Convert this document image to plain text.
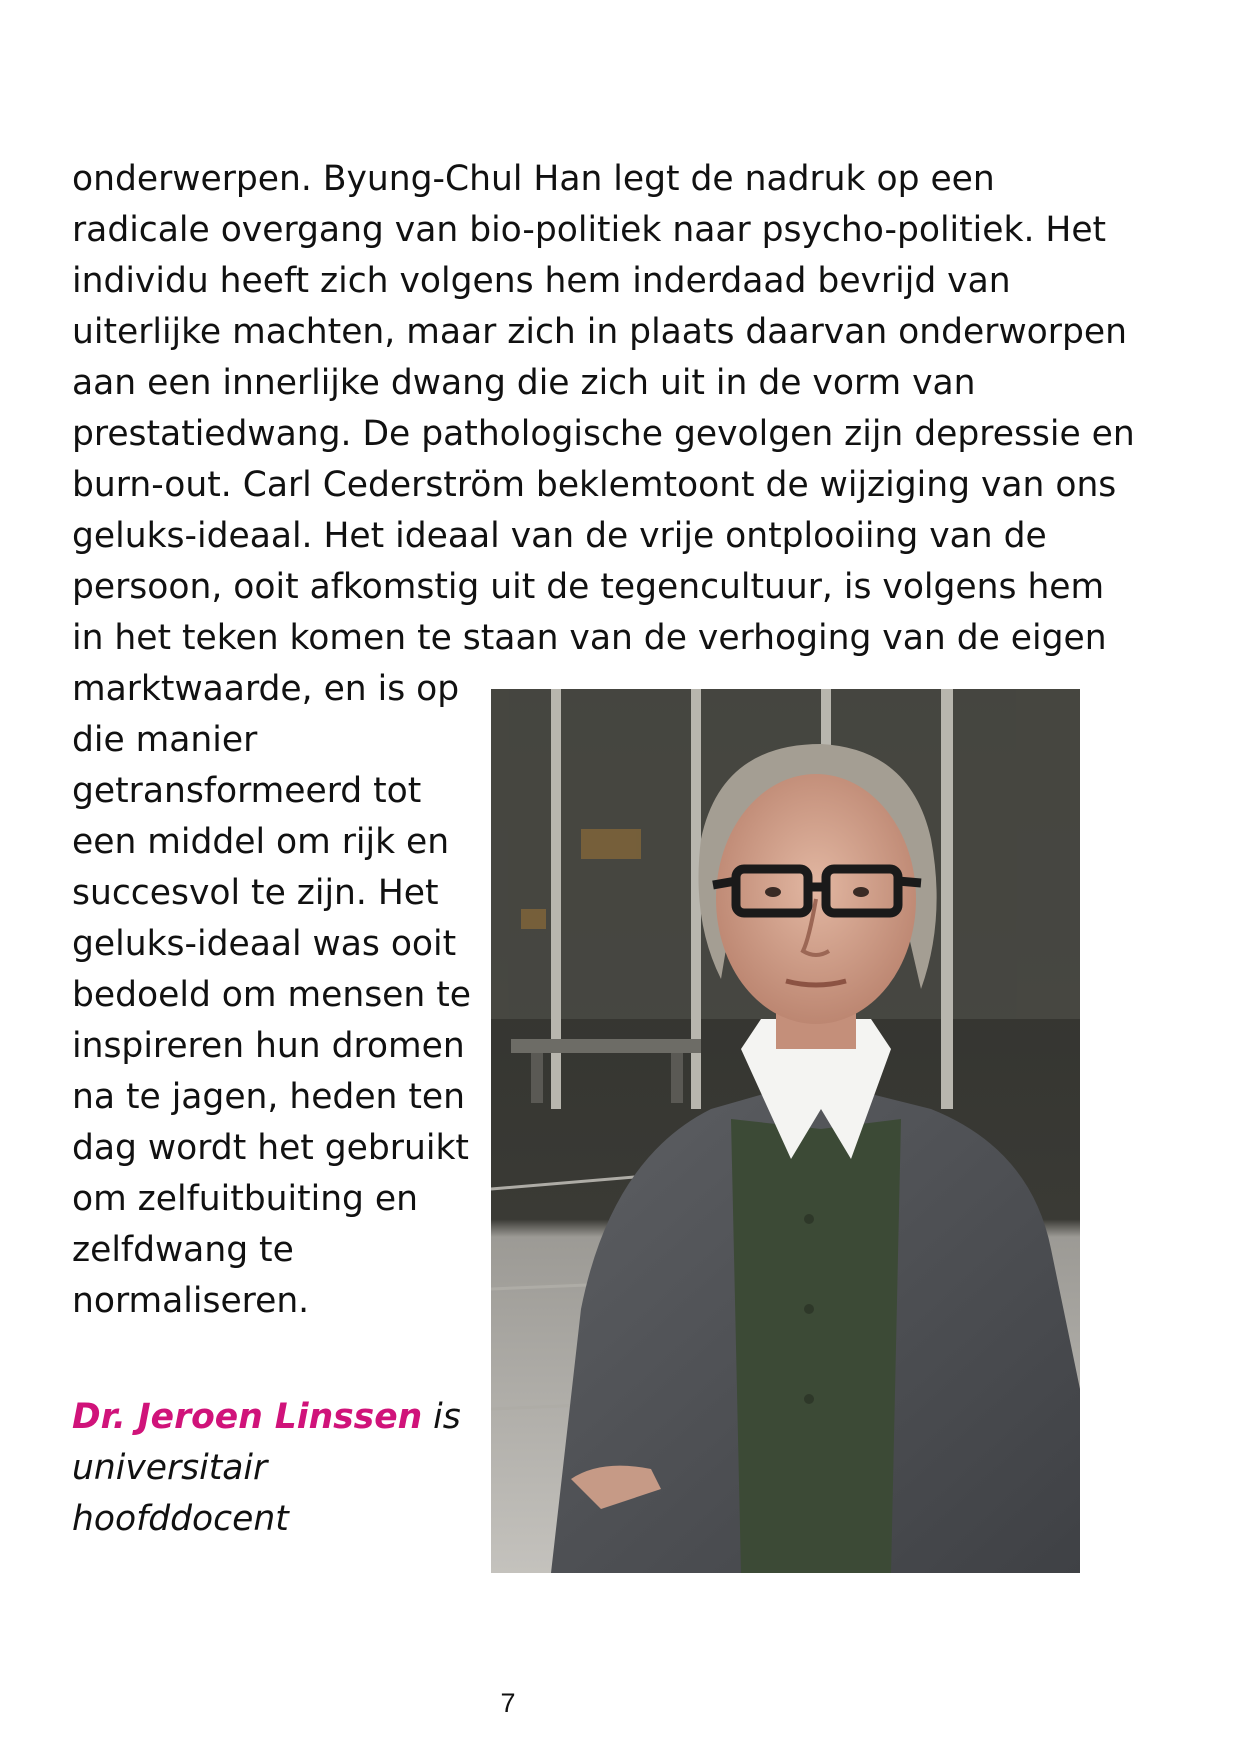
onderwerpen. Byung-Chul Han legt de nadruk op een
radicale overgang van bio-politiek naar psycho-politiek. Het
individu heeft zich volgens hem inderdaad bevrijd van
uiterlijke machten, maar zich in plaats daarvan onderworpen
aan een innerlijke dwang die zich uit in de vorm van
prestatiedwang. De pathologische gevolgen zijn depressie en
burn-out. Carl Cederström beklemtoont de wijziging van ons
geluks-ideaal. Het ideaal van de vrije ontplooiing van de
persoon, ooit afkomstig uit de tegencultuur, is volgens hem
in het teken komen te staan van de verhoging van de eigen
marktwaarde, en is op
die manier
getransformeerd tot
een middel om rijk en
succesvol te zijn. Het
geluks-ideaal was ooit
bedoeld om mensen te
inspireren hun dromen
na te jagen, heden ten
dag wordt het gebruikt
om zelfuitbuiting en
zelfdwang te
normaliseren.
Dr. Jeroen Linssen is
universitair
hoofddocent
7
